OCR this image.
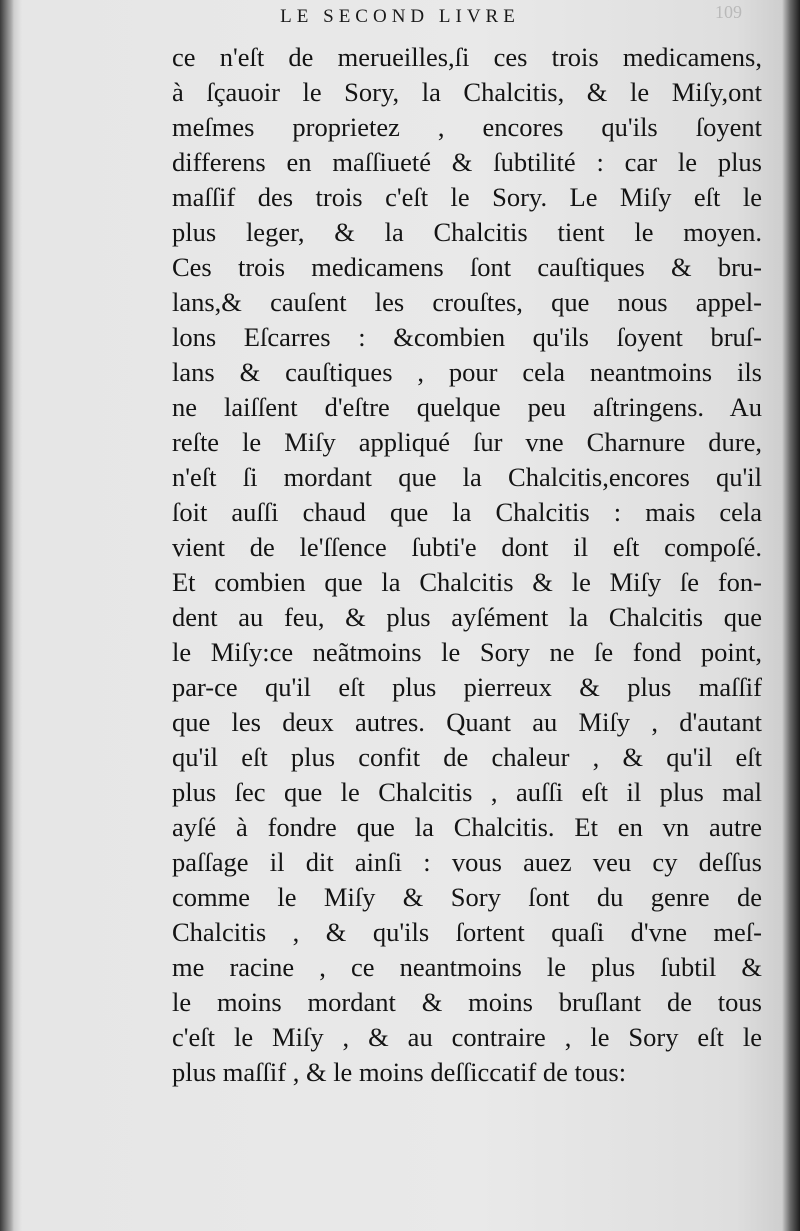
109
LE SECOND LIVRE
ce n'eſt de merueilles,ſi ces trois medicamens,
à ſçauoir le Sory, la Chalcitis, & le Miſy,ont
meſmes proprietez , encores qu'ils ſoyent
differens en maſſiueté & ſubtilité : car le plus
maſſif des trois c'eſt le Sory. Le Miſy eſt le
plus leger, & la Chalcitis tient le moyen.
Ces trois medicamens ſont cauſtiques & bru-
lans,& cauſent les crouſtes, que nous appel-
lons Eſcarres : &combien qu'ils ſoyent bruſ-
lans & cauſtiques , pour cela neantmoins ils
ne laiſſent d'eſtre quelque peu aſtringens. Au
reſte le Miſy appliqué ſur vne Charnure dure,
n'eſt ſi mordant que la Chalcitis,encores qu'il
ſoit auſſi chaud que la Chalcitis : mais cela
vient de le'ſſence ſubti'e dont il eſt compoſé.
Et combien que la Chalcitis & le Miſy ſe fon-
dent au feu, & plus ayſément la Chalcitis que
le Miſy:ce neãtmoins le Sory ne ſe fond point,
par-ce qu'il eſt plus pierreux & plus maſſif
que les deux autres. Quant au Miſy , d'autant
qu'il eſt plus confit de chaleur , & qu'il eſt
plus ſec que le Chalcitis , auſſi eſt il plus mal
ayſé à fondre que la Chalcitis. Et en vn autre
paſſage il dit ainſi : vous auez veu cy deſſus
comme le Miſy & Sory ſont du genre de
Chalcitis , & qu'ils ſortent quaſi d'vne meſ-
me racine , ce neantmoins le plus ſubtil &
le moins mordant & moins bruſlant de tous
c'eſt le Miſy , & au contraire , le Sory eſt le
plus maſſif , & le moins deſſiccatif de tous:
